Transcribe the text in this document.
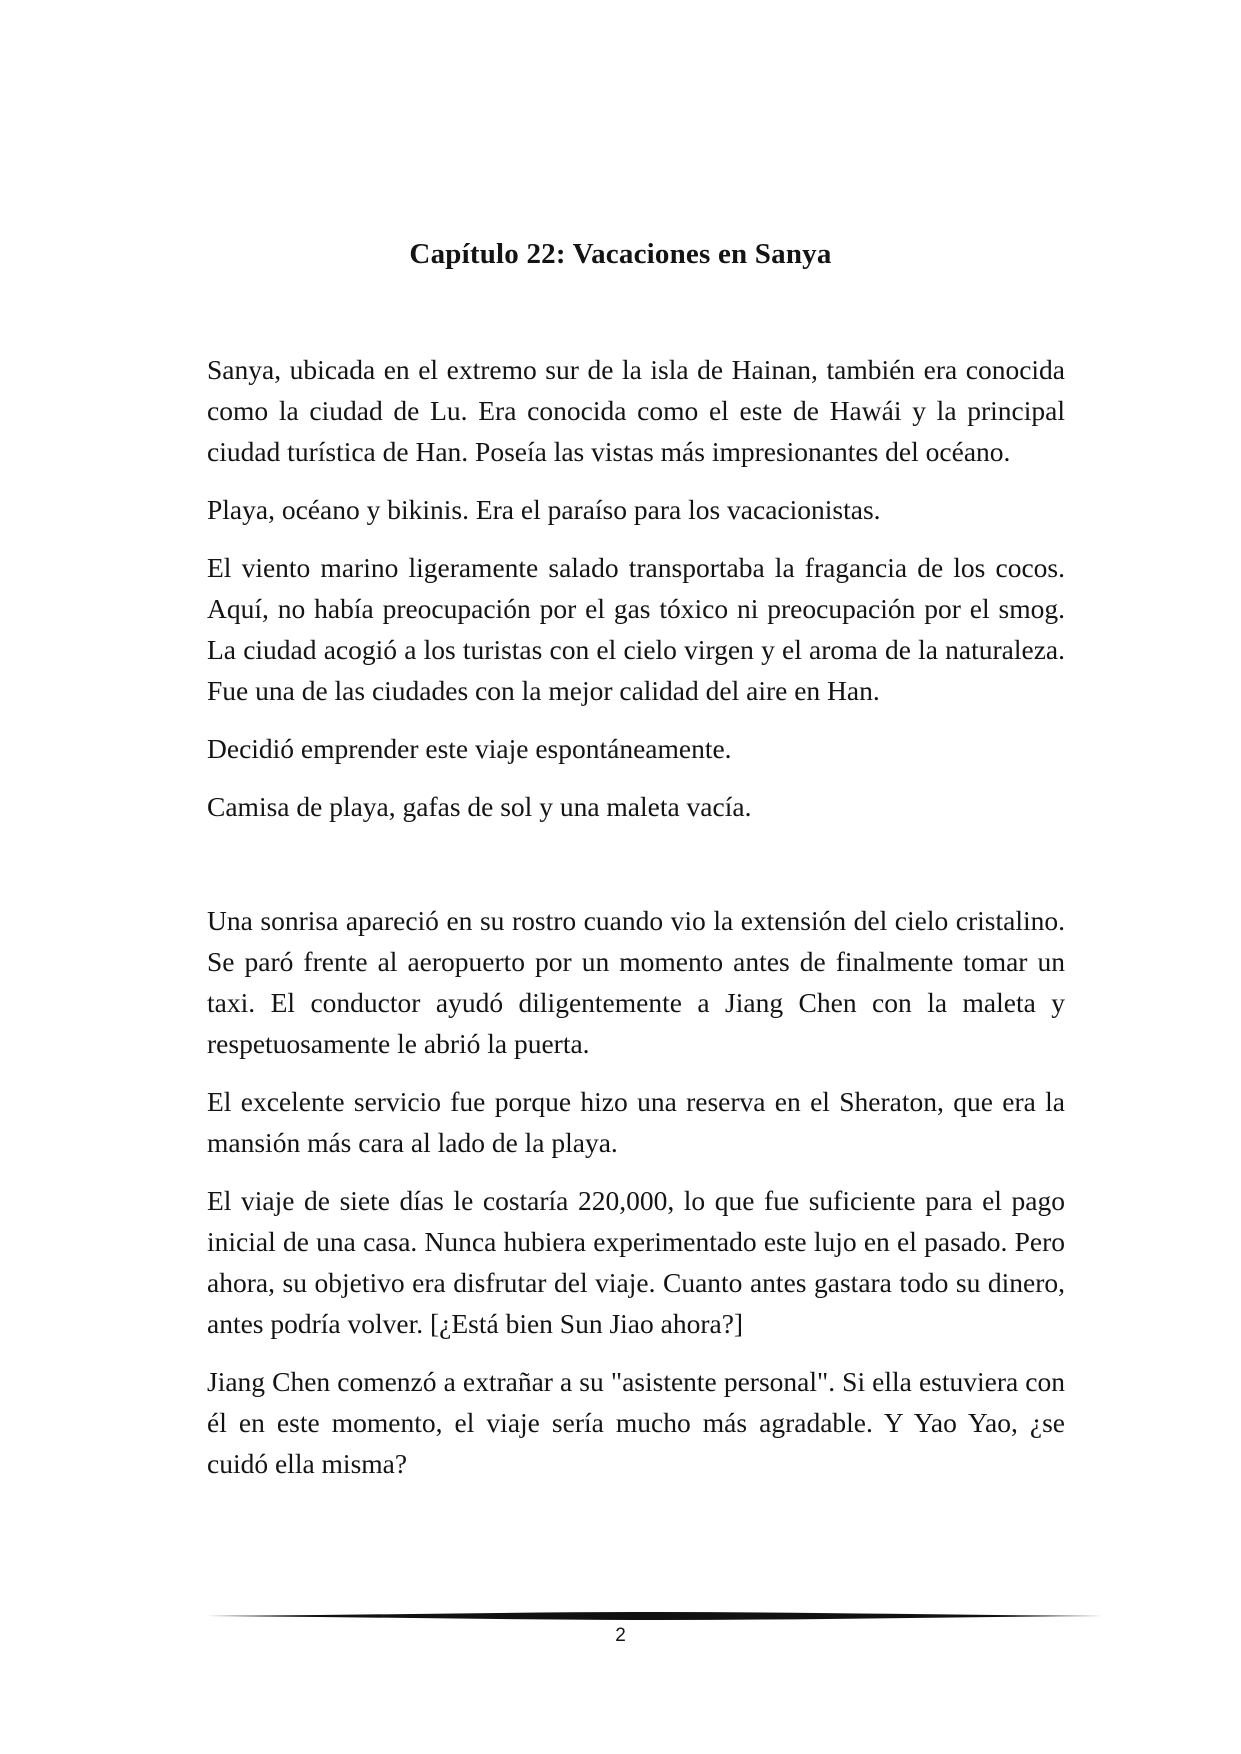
Capítulo 22: Vacaciones en Sanya

Sanya, ubicada en el extremo sur de la isla de Hainan, también era conocida como la ciudad de Lu. Era conocida como el este de Hawái y la principal ciudad turística de Han. Poseía las vistas más impresionantes del océano.

Playa, océano y bikinis. Era el paraíso para los vacacionistas.

El viento marino ligeramente salado transportaba la fragancia de los cocos. Aquí, no había preocupación por el gas tóxico ni preocupación por el smog. La ciudad acogió a los turistas con el cielo virgen y el aroma de la naturaleza. Fue una de las ciudades con la mejor calidad del aire en Han.

Decidió emprender este viaje espontáneamente.

Camisa de playa, gafas de sol y una maleta vacía.

Una sonrisa apareció en su rostro cuando vio la extensión del cielo cristalino. Se paró frente al aeropuerto por un momento antes de finalmente tomar un taxi. El conductor ayudó diligentemente a Jiang Chen con la maleta y respetuosamente le abrió la puerta.

El excelente servicio fue porque hizo una reserva en el Sheraton, que era la mansión más cara al lado de la playa.

El viaje de siete días le costaría 220,000, lo que fue suficiente para el pago inicial de una casa. Nunca hubiera experimentado este lujo en el pasado. Pero ahora, su objetivo era disfrutar del viaje. Cuanto antes gastara todo su dinero, antes podría volver. [¿Está bien Sun Jiao ahora?]

Jiang Chen comenzó a extrañar a su "asistente personal". Si ella estuviera con él en este momento, el viaje sería mucho más agradable. Y Yao Yao, ¿se cuidó ella misma?

2
